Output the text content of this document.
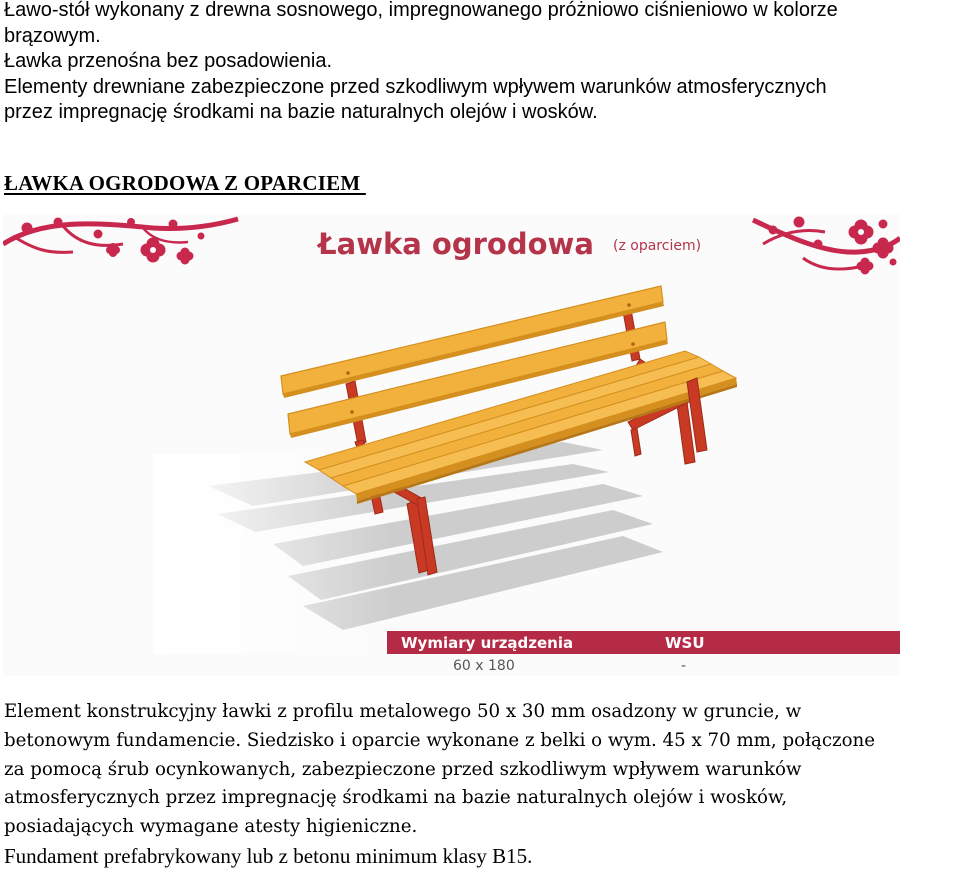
Ławo-stół wykonany z drewna sosnowego, impregnowanego próżniowo ciśnieniowo w kolorze
brązowym.
Ławka przenośna bez posadowienia.
Elementy drewniane zabezpieczone przed szkodliwym wpływem warunków atmosferycznych
przez impregnację środkami na bazie naturalnych olejów i wosków.
ŁAWKA OGRODOWA Z OPARCIEM
Ławka ogrodowa (z oparciem)
Wymiary urządzenia	WSU
60 x 180	-
Element konstrukcyjny ławki z profilu metalowego 50 x 30 mm osadzony w gruncie, w
betonowym fundamencie. Siedzisko i oparcie wykonane z belki o wym. 45 x 70 mm, połączone
za pomocą śrub ocynkowanych, zabezpieczone przed szkodliwym wpływem warunków
atmosferycznych przez impregnację środkami na bazie naturalnych olejów i wosków,
posiadających wymagane atesty higieniczne.
Fundament prefabrykowany lub z betonu minimum klasy B15.
